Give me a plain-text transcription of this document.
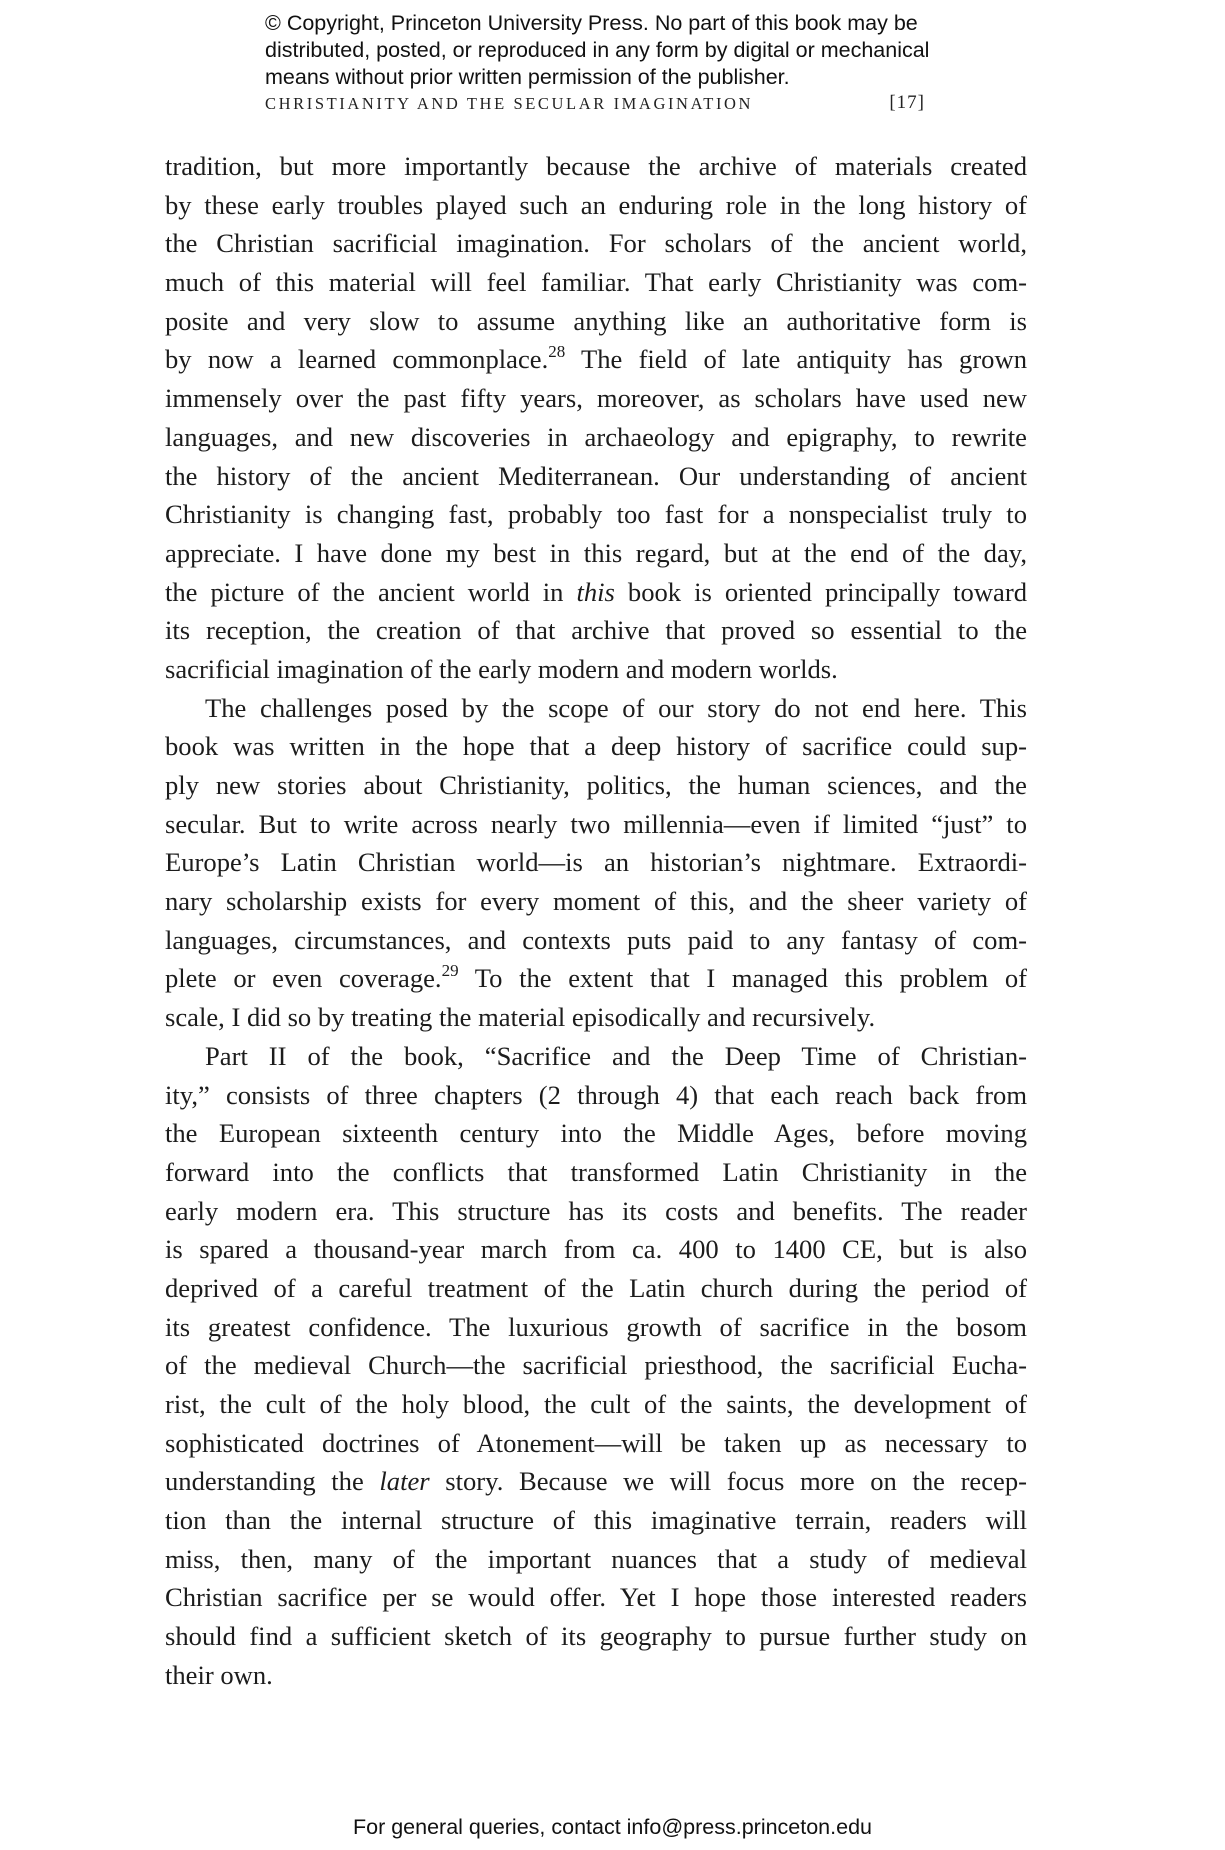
© Copyright, Princeton University Press. No part of this book may be
distributed, posted, or reproduced in any form by digital or mechanical
means without prior written permission of the publisher.
CHRISTIANITY AND THE SECULAR IMAGINATION	[17]
tradition, but more importantly because the archive of materials created
by these early troubles played such an enduring role in the long history of
the Christian sacrificial imagination. For scholars of the ancient world,
much of this material will feel familiar. That early Christianity was com-
posite and very slow to assume anything like an authoritative form is
by now a learned commonplace.$^{28}$ The field of late antiquity has grown
immensely over the past fifty years, moreover, as scholars have used new
languages, and new discoveries in archaeology and epigraphy, to rewrite
the history of the ancient Mediterranean. Our understanding of ancient
Christianity is changing fast, probably too fast for a nonspecialist truly to
appreciate. I have done my best in this regard, but at the end of the day,
the picture of the ancient world in this book is oriented principally toward
its reception, the creation of that archive that proved so essential to the
sacrificial imagination of the early modern and modern worlds.
The challenges posed by the scope of our story do not end here. This
book was written in the hope that a deep history of sacrifice could sup-
ply new stories about Christianity, politics, the human sciences, and the
secular. But to write across nearly two millennia—even if limited “just” to
Europe’s Latin Christian world—is an historian’s nightmare. Extraordi-
nary scholarship exists for every moment of this, and the sheer variety of
languages, circumstances, and contexts puts paid to any fantasy of com-
plete or even coverage.$^{29}$ To the extent that I managed this problem of
scale, I did so by treating the material episodically and recursively.
Part II of the book, “Sacrifice and the Deep Time of Christian-
ity,” consists of three chapters (2 through 4) that each reach back from
the European sixteenth century into the Middle Ages, before moving
forward into the conflicts that transformed Latin Christianity in the
early modern era. This structure has its costs and benefits. The reader
is spared a thousand-year march from ca. 400 to 1400 CE, but is also
deprived of a careful treatment of the Latin church during the period of
its greatest confidence. The luxurious growth of sacrifice in the bosom
of the medieval Church—the sacrificial priesthood, the sacrificial Eucha-
rist, the cult of the holy blood, the cult of the saints, the development of
sophisticated doctrines of Atonement—will be taken up as necessary to
understanding the later story. Because we will focus more on the recep-
tion than the internal structure of this imaginative terrain, readers will
miss, then, many of the important nuances that a study of medieval
Christian sacrifice per se would offer. Yet I hope those interested readers
should find a sufficient sketch of its geography to pursue further study on
their own.
For general queries, contact info@press.princeton.edu
